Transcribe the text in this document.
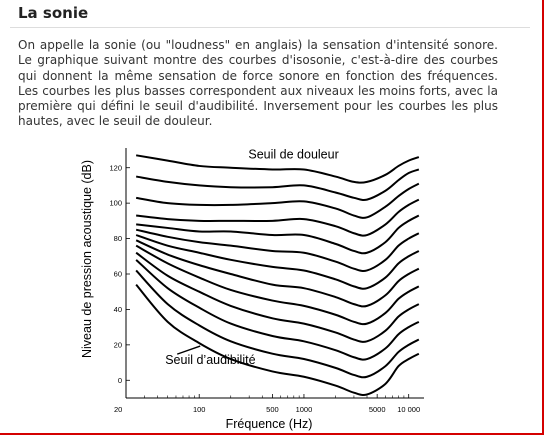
La sonie

On appelle la sonie (ou "loudness" en anglais) la sensation d'intensité sonore. Le graphique suivant montre des courbes d'isosonie, c'est-à-dire des courbes qui donnent la même sensation de force sonore en fonction des fréquences. Les courbes les plus basses correspondent aux niveaux les moins forts, avec la première qui défini le seuil d'audibilité. Inversement pour les courbes les plus hautes, avec le seuil de douleur.

0
20
40
60
80
100
120
20	100	500 1000	5000 10 000
Seuil de douleur
Seuil d’audibilité
Niveau de pression acoustique (dB)
Fréquence (Hz)
